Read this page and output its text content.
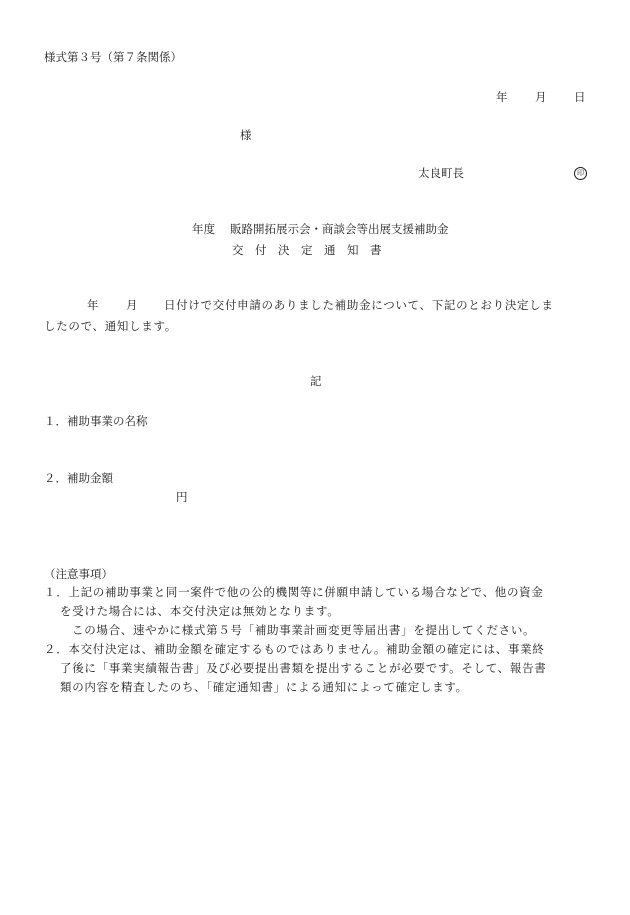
様式第３号（第７条関係）
年 月 日
様
太良町長	印
年度 販路開拓展示会・商談会等出展支援補助金
交　付　決　定　通　知　書
年 月 日付けで交付申請のありました補助金について、下記のとおり決定しま
したので、通知します。
記
１．補助事業の名称
２．補助金額
円
（注意事項）
１．上記の補助事業と同一案件で他の公的機関等に併願申請している場合などで、他の資金
を受けた場合には、本交付決定は無効となります。
この場合、速やかに様式第５号「補助事業計画変更等届出書」を提出してください。
２．本交付決定は、補助金額を確定するものではありません。補助金額の確定には、事業終
了後に「事業実績報告書」及び必要提出書類を提出することが必要です。そして、報告書
類の内容を精査したのち、「確定通知書」による通知によって確定します。
